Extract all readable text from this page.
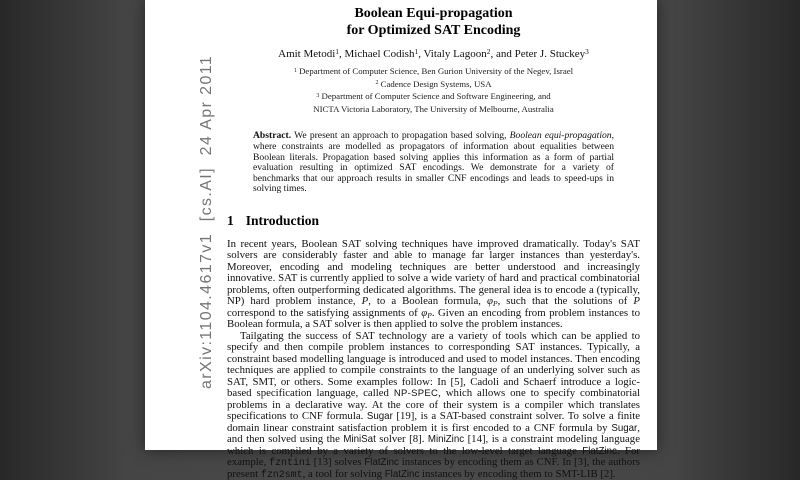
arXiv:1104.4617v1  [cs.AI]  24 Apr 2011
Boolean Equi-propagation
for Optimized SAT Encoding
Amit Metodi$^1$, Michael Codish$^1$, Vitaly Lagoon$^2$, and Peter J. Stuckey$^3$
$^1$ Department of Computer Science, Ben Gurion University of the Negev, Israel
$^2$ Cadence Design Systems, USA
$^3$ Department of Computer Science and Software Engineering, and
NICTA Victoria Laboratory, The University of Melbourne, Australia
Abstract. We present an approach to propagation based solving, Boolean equi-propagation, where constraints are modelled as propagators of information about equalities between Boolean literals. Propagation based solving applies this information as a form of partial evaluation resulting in optimized SAT encodings. We demonstrate for a variety of benchmarks that our approach results in smaller CNF encodings and leads to speed-ups in solving times.
1 Introduction
In recent years, Boolean SAT solving techniques have improved dramatically. Today's SAT solvers are considerably faster and able to manage far larger instances than yesterday's. Moreover, encoding and modeling techniques are better understood and increasingly innovative. SAT is currently applied to solve a wide variety of hard and practical combinatorial problems, often outperforming dedicated algorithms. The general idea is to encode a (typically, NP) hard problem instance, P, to a Boolean formula, φP, such that the solutions of P correspond to the satisfying assignments of φP. Given an encoding from problem instances to Boolean formula, a SAT solver is then applied to solve the problem instances.
Tailgating the success of SAT technology are a variety of tools which can be applied to specify and then compile problem instances to corresponding SAT instances. Typically, a constraint based modelling language is introduced and used to model instances. Then encoding techniques are applied to compile constraints to the language of an underlying solver such as SAT, SMT, or others. Some examples follow: In [5], Cadoli and Schaerf introduce a logic-based specification language, called NP-SPEC, which allows one to specify combinatorial problems in a declarative way. At the core of their system is a compiler which translates specifications to CNF formula. Sugar [19], is a SAT-based constraint solver. To solve a finite domain linear constraint satisfaction problem it is first encoded to a CNF formula by Sugar, and then solved using the MiniSat solver [8]. MiniZinc [14], is a constraint modeling language which is compiled by a variety of solvers to the low-level target language FlatZinc. For example, fzntini [13] solves FlatZinc instances by encoding them as CNF. In [3], the authors present fzn2smt, a tool for solving FlatZinc instances by encoding them to SMT-LIB [2].
